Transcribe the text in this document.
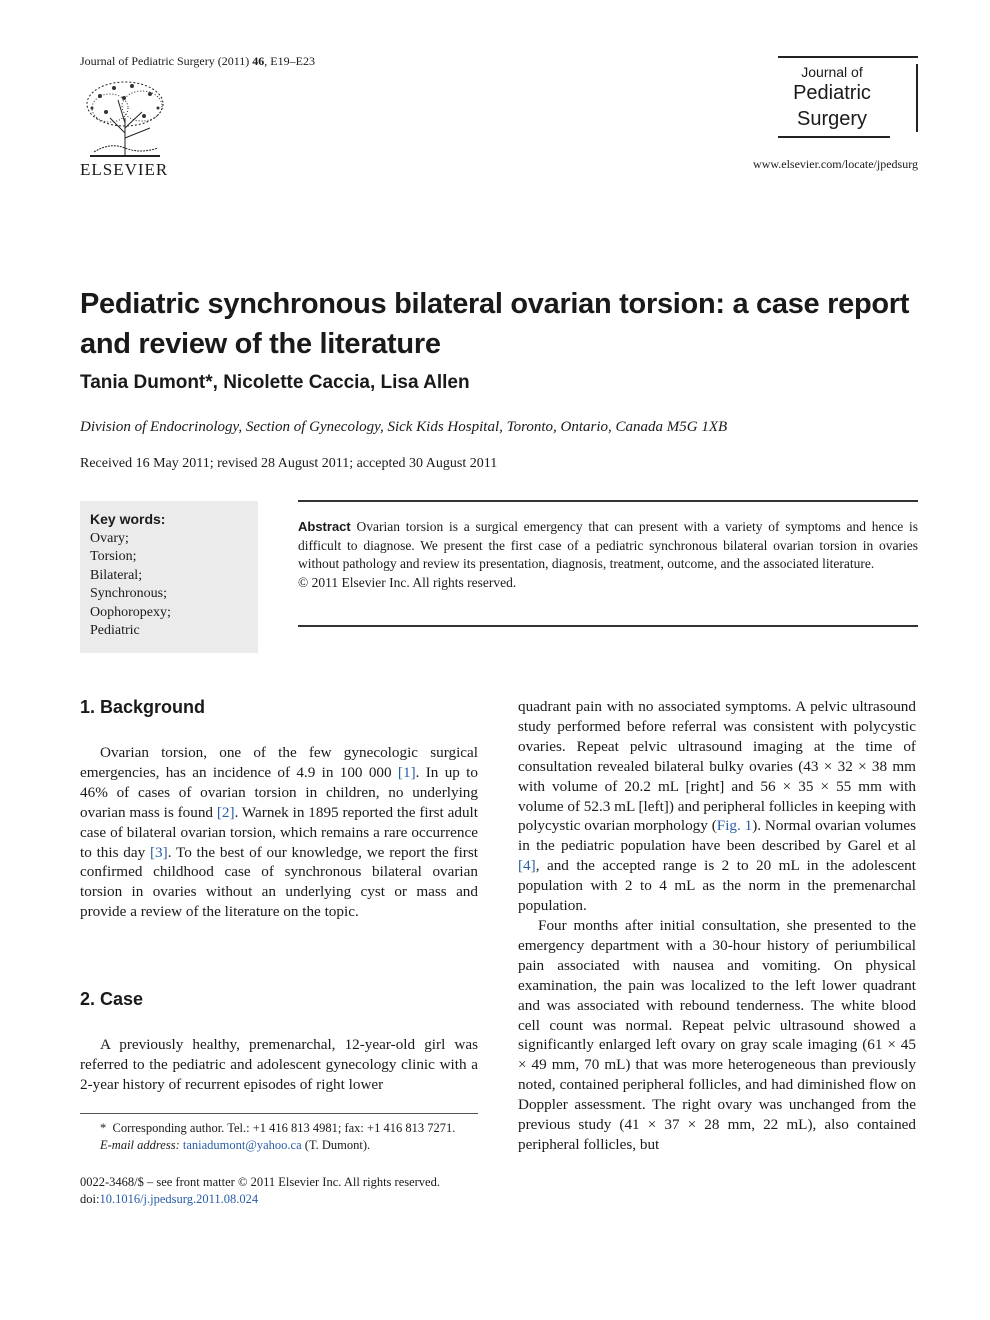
Journal of Pediatric Surgery (2011) 46, E19–E23
ELSEVIER
Journal of
Pediatric
Surgery
www.elsevier.com/locate/jpedsurg
Pediatric synchronous bilateral ovarian torsion: a case report and review of the literature
Tania Dumont*, Nicolette Caccia, Lisa Allen
Division of Endocrinology, Section of Gynecology, Sick Kids Hospital, Toronto, Ontario, Canada M5G 1XB
Received 16 May 2011; revised 28 August 2011; accepted 30 August 2011
Key words:
Ovary;
Torsion;
Bilateral;
Synchronous;
Oophoropexy;
Pediatric
Abstract Ovarian torsion is a surgical emergency that can present with a variety of symptoms and hence is difficult to diagnose. We present the first case of a pediatric synchronous bilateral ovarian torsion in ovaries without pathology and review its presentation, diagnosis, treatment, outcome, and the associated literature.
© 2011 Elsevier Inc. All rights reserved.
1. Background

Ovarian torsion, one of the few gynecologic surgical emergencies, has an incidence of 4.9 in 100 000 [1]. In up to 46% of cases of ovarian torsion in children, no underlying ovarian mass is found [2]. Warnek in 1895 reported the first adult case of bilateral ovarian torsion, which remains a rare occurrence to this day [3]. To the best of our knowledge, we report the first confirmed childhood case of synchronous bilateral ovarian torsion in ovaries without an underlying cyst or mass and provide a review of the literature on the topic.

2. Case

A previously healthy, premenarchal, 12-year-old girl was referred to the pediatric and adolescent gynecology clinic with a 2-year history of recurrent episodes of right lower

quadrant pain with no associated symptoms. A pelvic ultrasound study performed before referral was consistent with polycystic ovaries. Repeat pelvic ultrasound imaging at the time of consultation revealed bilateral bulky ovaries (43 × 32 × 38 mm with volume of 20.2 mL [right] and 56 × 35 × 55 mm with volume of 52.3 mL [left]) and peripheral follicles in keeping with polycystic ovarian morphology (Fig. 1). Normal ovarian volumes in the pediatric population have been described by Garel et al [4], and the accepted range is 2 to 20 mL in the adolescent population with 2 to 4 mL as the norm in the premenarchal population.

Four months after initial consultation, she presented to the emergency department with a 30-hour history of periumbilical pain associated with nausea and vomiting. On physical examination, the pain was localized to the left lower quadrant and was associated with rebound tenderness. The white blood cell count was normal. Repeat pelvic ultrasound showed a significantly enlarged left ovary on gray scale imaging (61 × 45 × 49 mm, 70 mL) that was more heterogeneous than previously noted, contained peripheral follicles, and had diminished flow on Doppler assessment. The right ovary was unchanged from the previous study (41 × 37 × 28 mm, 22 mL), also contained peripheral follicles, but

* Corresponding author. Tel.: +1 416 813 4981; fax: +1 416 813 7271.
E-mail address: taniadumont@yahoo.ca (T. Dumont).
0022-3468/$ – see front matter © 2011 Elsevier Inc. All rights reserved.
doi:10.1016/j.jpedsurg.2011.08.024
